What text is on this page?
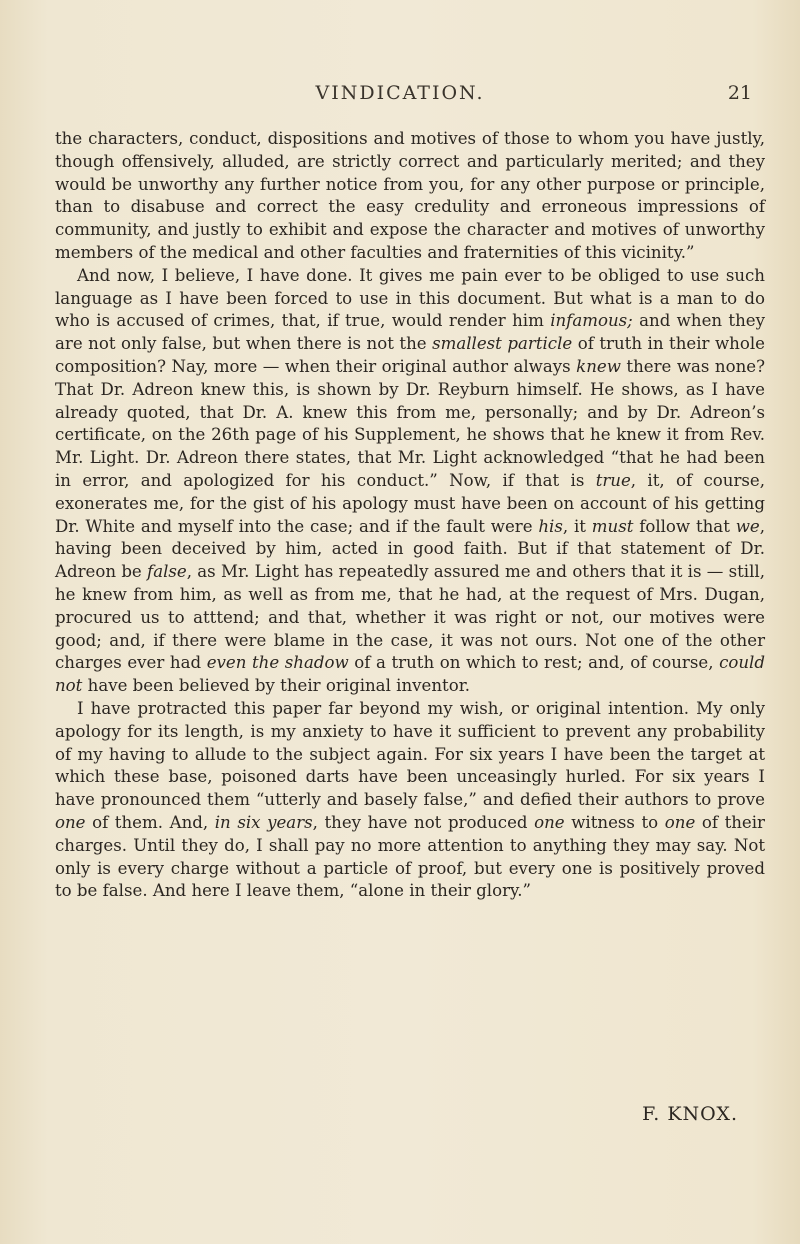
VINDICATION.	21

the characters, conduct, dispositions and motives of those to whom you have justly, though offensively, alluded, are strictly correct and particularly merited; and they would be unworthy any further notice from you, for any other purpose or principle, than to disabuse and correct the easy credulity and erroneous impressions of community, and justly to exhibit and expose the character and motives of unworthy members of the medical and other faculties and fraternities of this vicinity.”

And now, I believe, I have done. It gives me pain ever to be obliged to use such language as I have been forced to use in this document. But what is a man to do who is accused of crimes, that, if true, would render him infamous; and when they are not only false, but when there is not the smallest particle of truth in their whole composition? Nay, more — when their original author always knew there was none? That Dr. Adreon knew this, is shown by Dr. Reyburn himself. He shows, as I have already quoted, that Dr. A. knew this from me, personally; and by Dr. Adreon’s certificate, on the 26th page of his Supplement, he shows that he knew it from Rev. Mr. Light. Dr. Adreon there states, that Mr. Light acknowledged “that he had been in error, and apologized for his conduct.” Now, if that is true, it, of course, exonerates me, for the gist of his apology must have been on account of his getting Dr. White and myself into the case; and if the fault were his, it must follow that we, having been deceived by him, acted in good faith. But if that statement of Dr. Adreon be false, as Mr. Light has repeatedly assured me and others that it is — still, he knew from him, as well as from me, that he had, at the request of Mrs. Dugan, procured us to atttend; and that, whether it was right or not, our motives were good; and, if there were blame in the case, it was not ours. Not one of the other charges ever had even the shadow of a truth on which to rest; and, of course, could not have been believed by their original inventor.

I have protracted this paper far beyond my wish, or original intention. My only apology for its length, is my anxiety to have it sufficient to prevent any probability of my having to allude to the subject again. For six years I have been the target at which these base, poisoned darts have been unceasingly hurled. For six years I have pronounced them “utterly and basely false,” and defied their authors to prove one of them. And, in six years, they have not produced one witness to one of their charges. Until they do, I shall pay no more attention to anything they may say. Not only is every charge without a particle of proof, but every one is positively proved to be false. And here I leave them, “alone in their glory.”

F. KNOX.
